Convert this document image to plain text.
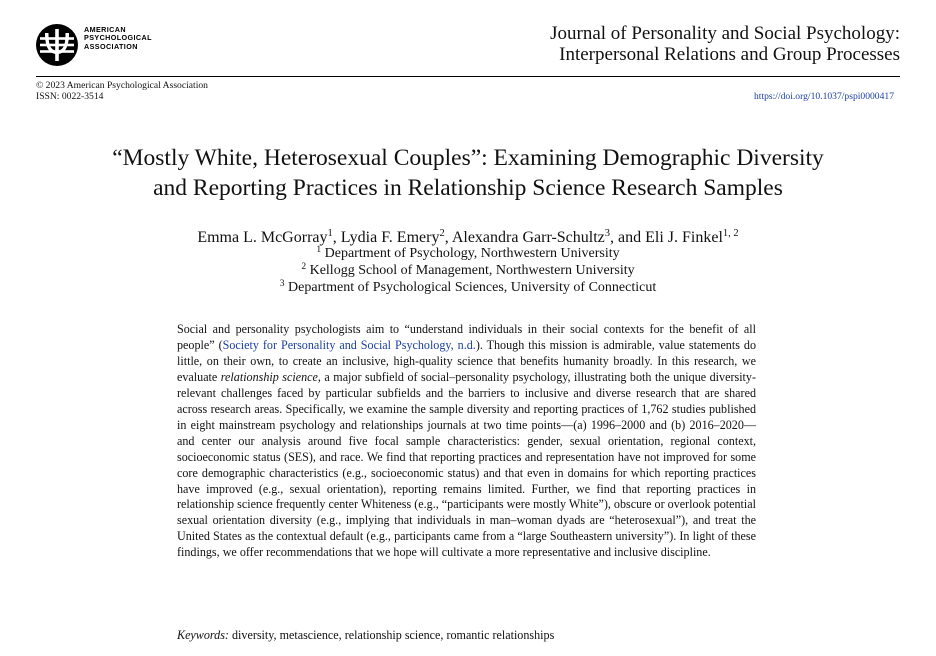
AMERICAN
PSYCHOLOGICAL
ASSOCIATION
Journal of Personality and Social Psychology:
Interpersonal Relations and Group Processes
© 2023 American Psychological Association
ISSN: 0022-3514	https://doi.org/10.1037/pspi0000417
“Mostly White, Heterosexual Couples”: Examining Demographic Diversity
and Reporting Practices in Relationship Science Research Samples
Emma L. McGorray$^1$, Lydia F. Emery$^2$, Alexandra Garr-Schultz$^3$, and Eli J. Finkel$^{1, 2}$
$^1$ Department of Psychology, Northwestern University
$^2$ Kellogg School of Management, Northwestern University
$^3$ Department of Psychological Sciences, University of Connecticut

Social and personality psychologists aim to “understand individuals in their social contexts for the benefit of all people” (Society for Personality and Social Psychology, n.d.). Though this mission is admirable, value statements do little, on their own, to create an inclusive, high-quality science that benefits humanity broadly. In this research, we evaluate relationship science, a major subfield of social–personality psychology, illustrating both the unique diversity-relevant challenges faced by particular subfields and the barriers to inclusive and diverse research that are shared across research areas. Specifically, we examine the sample diversity and reporting practices of 1,762 studies published in eight mainstream psychology and relationships journals at two time points—(a) 1996–2000 and (b) 2016–2020—and center our analysis around five focal sample characteristics: gender, sexual orientation, regional context, socioeconomic status (SES), and race. We find that reporting practices and representation have not improved for some core demographic characteristics (e.g., socioeconomic status) and that even in domains for which reporting practices have improved (e.g., sexual orientation), reporting remains limited. Further, we find that reporting practices in relationship science frequently center Whiteness (e.g., “participants were mostly White”), obscure or overlook potential sexual orientation diversity (e.g., implying that individuals in man–woman dyads are “heterosexual”), and treat the United States as the contextual default (e.g., participants came from a “large Southeastern university”). In light of these findings, we offer recommendations that we hope will cultivate a more representative and inclusive discipline.

Keywords: diversity, metascience, relationship science, romantic relationships
